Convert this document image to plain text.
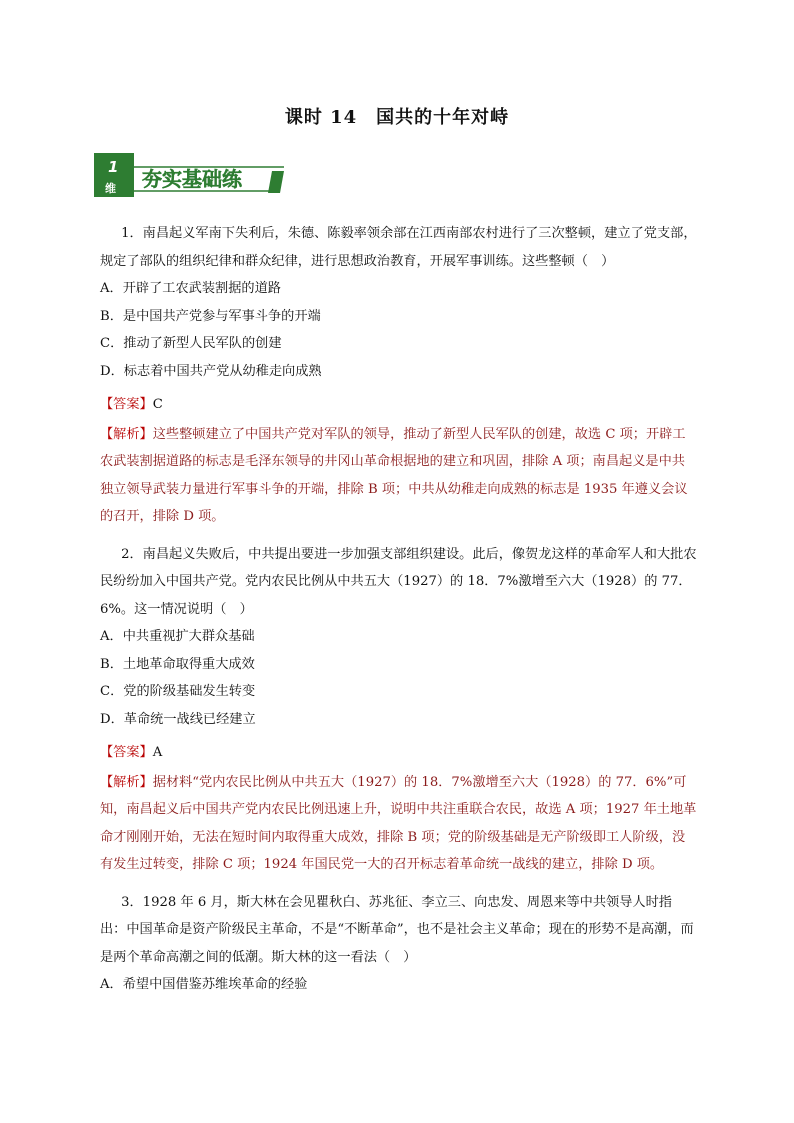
课时 14　国共的十年对峙
1
维 夯实基础练

1．南昌起义军南下失利后，朱德、陈毅率领余部在江西南部农村进行了三次整顿，建立了党支部，规定了部队的组织纪律和群众纪律，进行思想政治教育，开展军事训练。这些整顿（　）

A．开辟了工农武装割据的道路

B．是中国共产党参与军事斗争的开端

C．推动了新型人民军队的创建

D．标志着中国共产党从幼稚走向成熟

【答案】C

【解析】这些整顿建立了中国共产党对军队的领导，推动了新型人民军队的创建，故选 C 项；开辟工农武装割据道路的标志是毛泽东领导的井冈山革命根据地的建立和巩固，排除 A 项；南昌起义是中共独立领导武装力量进行军事斗争的开端，排除 B 项；中共从幼稚走向成熟的标志是 1935 年遵义会议的召开，排除 D 项。

2．南昌起义失败后，中共提出要进一步加强支部组织建设。此后，像贺龙这样的革命军人和大批农民纷纷加入中国共产党。党内农民比例从中共五大（1927）的 18．7%激增至六大（1928）的 77．6%。这一情况说明（　）

A．中共重视扩大群众基础

B．土地革命取得重大成效

C．党的阶级基础发生转变

D．革命统一战线已经建立

【答案】A

【解析】据材料“党内农民比例从中共五大（1927）的 18．7%激增至六大（1928）的 77．6%”可知，南昌起义后中国共产党内农民比例迅速上升，说明中共注重联合农民，故选 A 项；1927 年土地革命才刚刚开始，无法在短时间内取得重大成效，排除 B 项；党的阶级基础是无产阶级即工人阶级，没有发生过转变，排除 C 项；1924 年国民党一大的召开标志着革命统一战线的建立，排除 D 项。

3．1928 年 6 月，斯大林在会见瞿秋白、苏兆征、李立三、向忠发、周恩来等中共领导人时指出：中国革命是资产阶级民主革命，不是“不断革命”，也不是社会主义革命；现在的形势不是高潮，而是两个革命高潮之间的低潮。斯大林的这一看法（　）

A．希望中国借鉴苏维埃革命的经验
